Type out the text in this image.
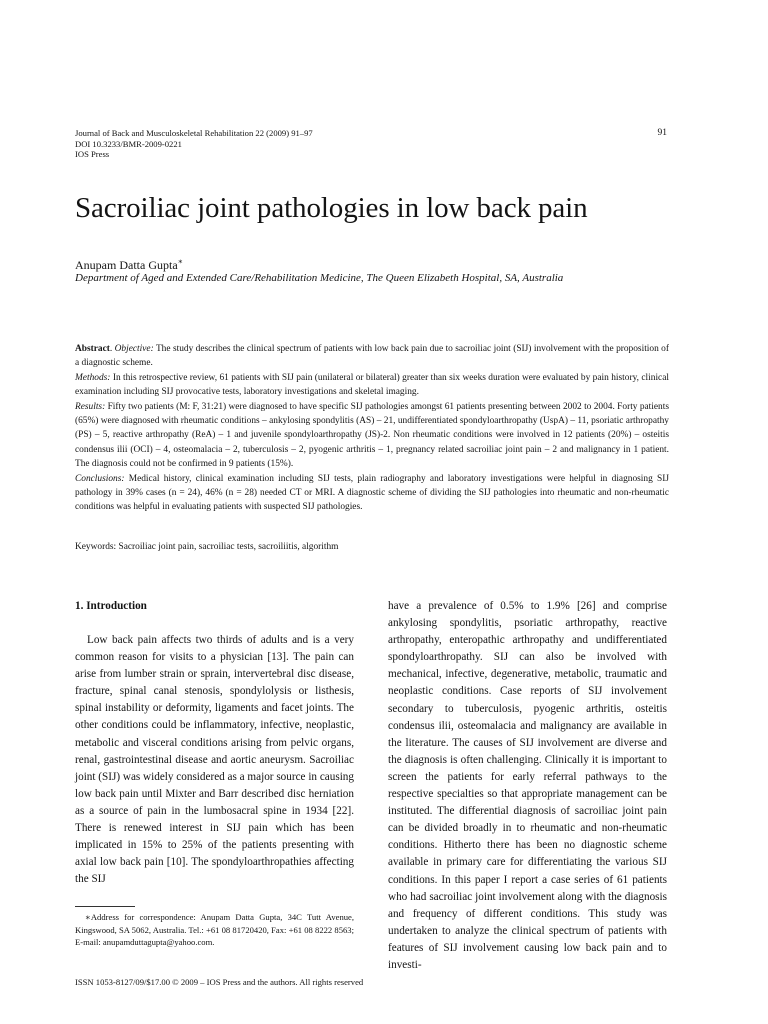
Journal of Back and Musculoskeletal Rehabilitation 22 (2009) 91–97
DOI 10.3233/BMR-2009-0221
IOS Press
91
Sacroiliac joint pathologies in low back pain
Anupam Datta Gupta∗
Department of Aged and Extended Care/Rehabilitation Medicine, The Queen Elizabeth Hospital, SA, Australia

Abstract. Objective: The study describes the clinical spectrum of patients with low back pain due to sacroiliac joint (SIJ) involvement with the proposition of a diagnostic scheme.

Methods: In this retrospective review, 61 patients with SIJ pain (unilateral or bilateral) greater than six weeks duration were evaluated by pain history, clinical examination including SIJ provocative tests, laboratory investigations and skeletal imaging.

Results: Fifty two patients (M: F, 31:21) were diagnosed to have specific SIJ pathologies amongst 61 patients presenting between 2002 to 2004. Forty patients (65%) were diagnosed with rheumatic conditions – ankylosing spondylitis (AS) – 21, undifferentiated spondyloarthropathy (UspA) – 11, psoriatic arthropathy (PS) – 5, reactive arthropathy (ReA) – 1 and juvenile spondyloarthropathy (JS)-2. Non rheumatic conditions were involved in 12 patients (20%) – osteitis condensus ilii (OCI) – 4, osteomalacia – 2, tuberculosis – 2, pyogenic arthritis – 1, pregnancy related sacroiliac joint pain – 2 and malignancy in 1 patient. The diagnosis could not be confirmed in 9 patients (15%).

Conclusions: Medical history, clinical examination including SIJ tests, plain radiography and laboratory investigations were helpful in diagnosing SIJ pathology in 39% cases (n = 24), 46% (n = 28) needed CT or MRI. A diagnostic scheme of dividing the SIJ pathologies into rheumatic and non-rheumatic conditions was helpful in evaluating patients with suspected SIJ pathologies.

Keywords: Sacroiliac joint pain, sacroiliac tests, sacroiliitis, algorithm
1. Introduction

Low back pain affects two thirds of adults and is a very common reason for visits to a physician [13]. The pain can arise from lumber strain or sprain, intervertebral disc disease, fracture, spinal canal stenosis, spondylolysis or listhesis, spinal instability or deformity, ligaments and facet joints. The other conditions could be inflammatory, infective, neoplastic, metabolic and visceral conditions arising from pelvic organs, renal, gastrointestinal disease and aortic aneurysm. Sacroiliac joint (SIJ) was widely considered as a major source in causing low back pain until Mixter and Barr described disc herniation as a source of pain in the lumbosacral spine in 1934 [22]. There is renewed interest in SIJ pain which has been implicated in 15% to 25% of the patients presenting with axial low back pain [10]. The spondyloarthropathies affecting the SIJ

have a prevalence of 0.5% to 1.9% [26] and comprise ankylosing spondylitis, psoriatic arthropathy, reactive arthropathy, enteropathic arthropathy and undifferentiated spondyloarthropathy. SIJ can also be involved with mechanical, infective, degenerative, metabolic, traumatic and neoplastic conditions. Case reports of SIJ involvement secondary to tuberculosis, pyogenic arthritis, osteitis condensus ilii, osteomalacia and malignancy are available in the literature. The causes of SIJ involvement are diverse and the diagnosis is often challenging. Clinically it is important to screen the patients for early referral pathways to the respective specialties so that appropriate management can be instituted. The differential diagnosis of sacroiliac joint pain can be divided broadly in to rheumatic and non-rheumatic conditions. Hitherto there has been no diagnostic scheme available in primary care for differentiating the various SIJ conditions. In this paper I report a case series of 61 patients who had sacroiliac joint involvement along with the diagnosis and frequency of different conditions. This study was undertaken to analyze the clinical spectrum of patients with features of SIJ involvement causing low back pain and to investi-

∗Address for correspondence: Anupam Datta Gupta, 34C Tutt Avenue, Kingswood, SA 5062, Australia. Tel.: +61 08 81720420, Fax: +61 08 8222 8563; E-mail: anupamduttagupta@yahoo.com.

ISSN 1053-8127/09/$17.00 © 2009 – IOS Press and the authors. All rights reserved
